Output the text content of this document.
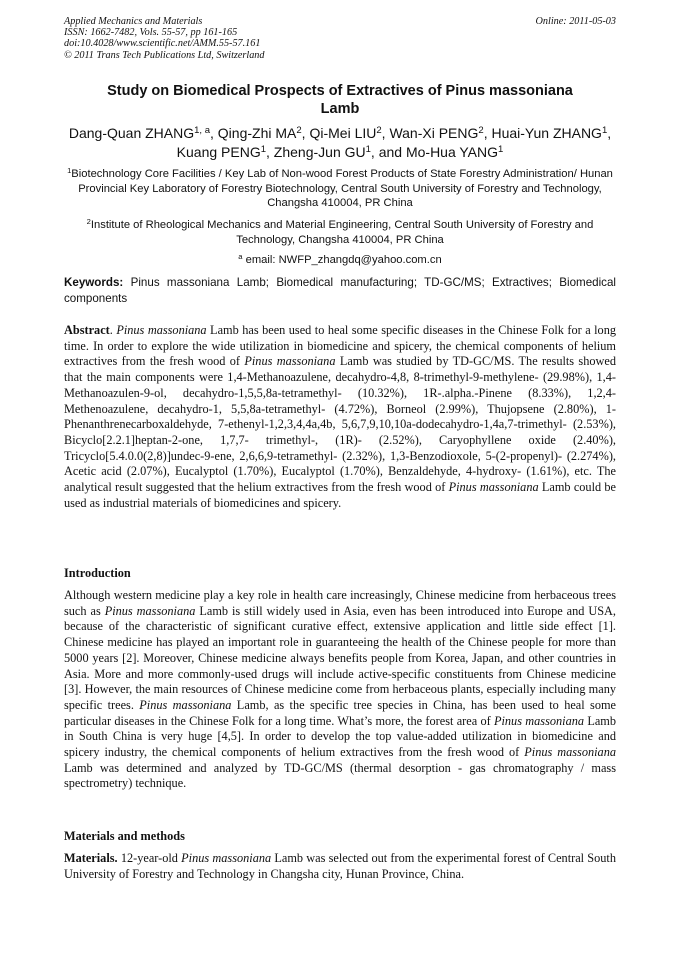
Applied Mechanics and Materials
ISSN: 1662-7482, Vols. 55-57, pp 161-165
doi:10.4028/www.scientific.net/AMM.55-57.161
© 2011 Trans Tech Publications Ltd, Switzerland
Online: 2011-05-03
Study on Biomedical Prospects of Extractives of Pinus massoniana
Lamb
Dang-Quan ZHANG$^{1, a}$, Qing-Zhi $MA^2$, Qi-Mei LIU$^2$, Wan-Xi PENG$^2$, Huai-Yun ZHANG$^1$, Kuang PENG$^1$, Zheng-Jun $GU^1$, and Mo-Hua YANG$^1$
$^1$Biotechnology Core Facilities / Key Lab of Non-wood Forest Products of State Forestry Administration/ Hunan Provincial Key Laboratory of Forestry Biotechnology, Central South University of Forestry and Technology, Changsha 410004, PR China
$^2$Institute of Rheological Mechanics and Material Engineering, Central South University of Forestry and Technology, Changsha 410004, PR China
$^a$ email: NWFP_zhangdq@yahoo.com.cn
Keywords: Pinus massoniana Lamb; Biomedical manufacturing; TD-GC/MS; Extractives; Biomedical components

Abstract. Pinus massoniana Lamb has been used to heal some specific diseases in the Chinese Folk for a long time. In order to explore the wide utilization in biomedicine and spicery, the chemical components of helium extractives from the fresh wood of Pinus massoniana Lamb was studied by TD-GC/MS. The results showed that the main components were 1,4-Methanoazulene, decahydro-4,8, 8-trimethyl-9-methylene- (29.98%), 1,4-Methanoazulen-9-ol, decahydro-1,5,5,8a-tetramethyl- (10.32%), 1R-.alpha.-Pinene (8.33%), 1,2,4-Methenoazulene, decahydro-1, 5,5,8a-tetramethyl- (4.72%), Borneol (2.99%), Thujopsene (2.80%), 1-Phenanthrenecarboxaldehyde, 7-ethenyl-1,2,3,4,4a,4b, 5,6,7,9,10,10a-dodecahydro-1,4a,7-trimethyl- (2.53%), Bicyclo[2.2.1]heptan-2-one, 1,7,7- trimethyl-, (1R)- (2.52%), Caryophyllene oxide (2.40%), Tricyclo[5.4.0.0(2,8)]undec-9-ene, 2,6,6,9-tetramethyl- (2.32%), 1,3-Benzodioxole, 5-(2-propenyl)- (2.274%), Acetic acid (2.07%), Eucalyptol (1.70%), Eucalyptol (1.70%), Benzaldehyde, 4-hydroxy- (1.61%), etc. The analytical result suggested that the helium extractives from the fresh wood of Pinus massoniana Lamb could be used as industrial materials of biomedicines and spicery.

Introduction

Although western medicine play a key role in health care increasingly, Chinese medicine from herbaceous trees such as Pinus massoniana Lamb is still widely used in Asia, even has been introduced into Europe and USA, because of the characteristic of significant curative effect, extensive application and little side effect [1]. Chinese medicine has played an important role in guaranteeing the health of the Chinese people for more than 5000 years [2]. Moreover, Chinese medicine always benefits people from Korea, Japan, and other countries in Asia. More and more commonly-used drugs will include active-specific constituents from Chinese medicine [3]. However, the main resources of Chinese medicine come from herbaceous plants, especially including many specific trees. Pinus massoniana Lamb, as the specific tree species in China, has been used to heal some particular diseases in the Chinese Folk for a long time. What’s more, the forest area of Pinus massoniana Lamb in South China is very huge [4,5]. In order to develop the top value-added utilization in biomedicine and spicery industry, the chemical components of helium extractives from the fresh wood of Pinus massoniana Lamb was determined and analyzed by TD-GC/MS (thermal desorption - gas chromatography / mass spectrometry) technique.

Materials and methods

Materials. 12-year-old Pinus massoniana Lamb was selected out from the experimental forest of Central South University of Forestry and Technology in Changsha city, Hunan Province, China.
